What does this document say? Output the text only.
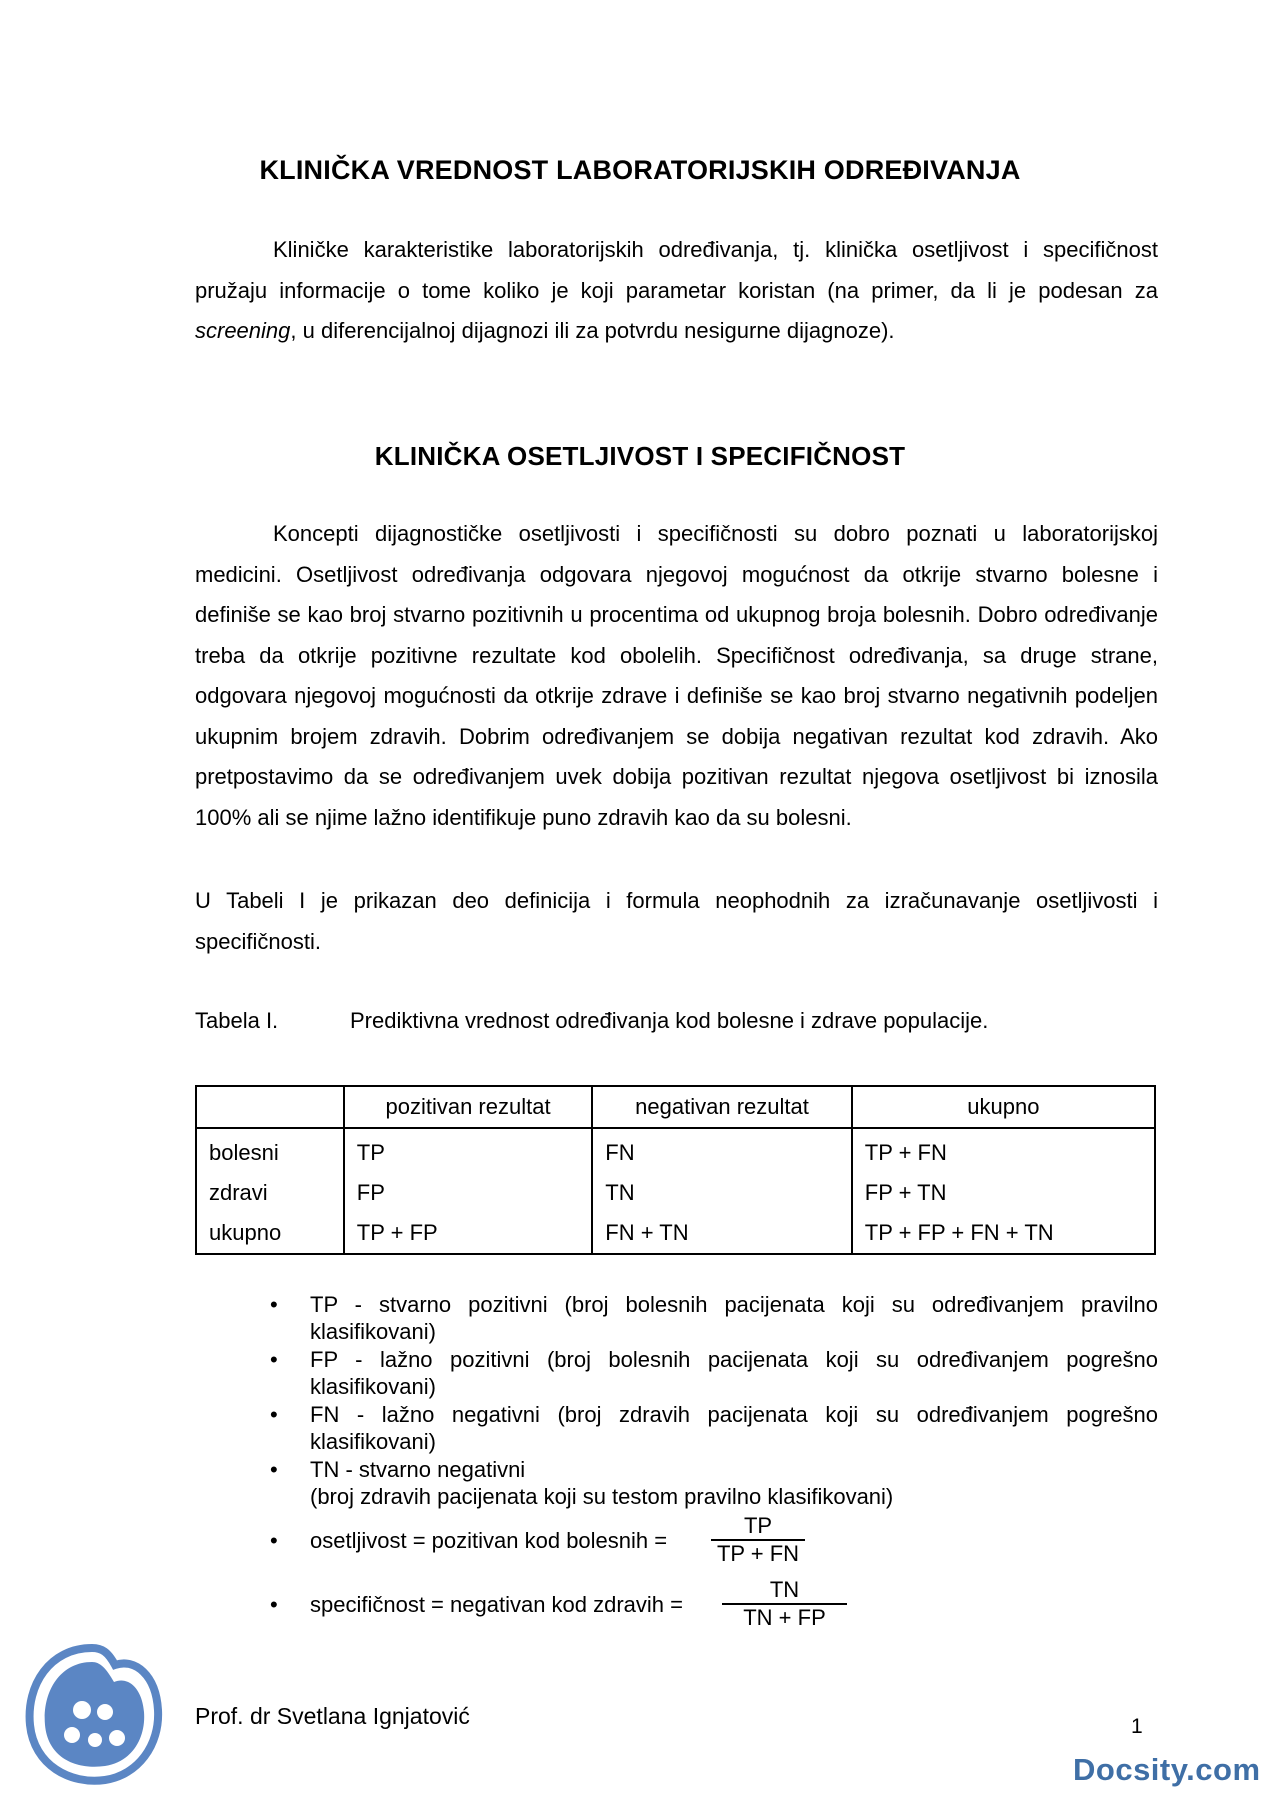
KLINIČKA VREDNOST LABORATORIJSKIH ODREĐIVANJA

Kliničke karakteristike laboratorijskih određivanja, tj. klinička osetljivost i specifičnost pružaju informacije o tome koliko je koji parametar koristan (na primer, da li je podesan za screening, u diferencijalnoj dijagnozi ili za potvrdu nesigurne dijagnoze).

KLINIČKA OSETLJIVOST I SPECIFIČNOST

Koncepti dijagnostičke osetljivosti i specifičnosti su dobro poznati u laboratorijskoj medicini. Osetljivost određivanja odgovara njegovoj mogućnost da otkrije stvarno bolesne i definiše se kao broj stvarno pozitivnih u procentima od ukupnog broja bolesnih. Dobro određivanje treba da otkrije pozitivne rezultate kod obolelih. Specifičnost određivanja, sa druge strane, odgovara njegovoj mogućnosti da otkrije zdrave i definiše se kao broj stvarno negativnih podeljen ukupnim brojem zdravih. Dobrim određivanjem se dobija negativan rezultat kod zdravih. Ako pretpostavimo da se određivanjem uvek dobija pozitivan rezultat njegova osetljivost bi iznosila 100% ali se njime lažno identifikuje puno zdravih kao da su bolesni.

U Tabeli I je prikazan deo definicija i formula neophodnih za izračunavanje osetljivosti i specifičnosti.

Tabela I.	Prediktivna vrednost određivanja kod bolesne i zdrave populacije.
	pozitivan rezultat	negativan rezultat	ukupno
bolesni	TP	FN	TP + FN
zdravi	FP	TN	FP + TN
ukupno	TP + FP	FN + TN	TP + FP + FN + TN
• TP - stvarno pozitivni (broj bolesnih pacijenata koji su određivanjem pravilno klasifikovani)
• FP - lažno pozitivni (broj bolesnih pacijenata koji su određivanjem pogrešno klasifikovani)
• FN - lažno negativni (broj zdravih pacijenata koji su određivanjem pogrešno klasifikovani)
• TN - stvarno negativni
(broj zdravih pacijenata koji su testom pravilno klasifikovani)
• osetljivost = pozitivan kod bolesnih = $\frac{TP}{TP + FN}$
• specifičnost = negativan kod zdravih = $\frac{TN}{TN + FP}$
Prof. dr Svetlana Ignjatović	1
Docsity.com
